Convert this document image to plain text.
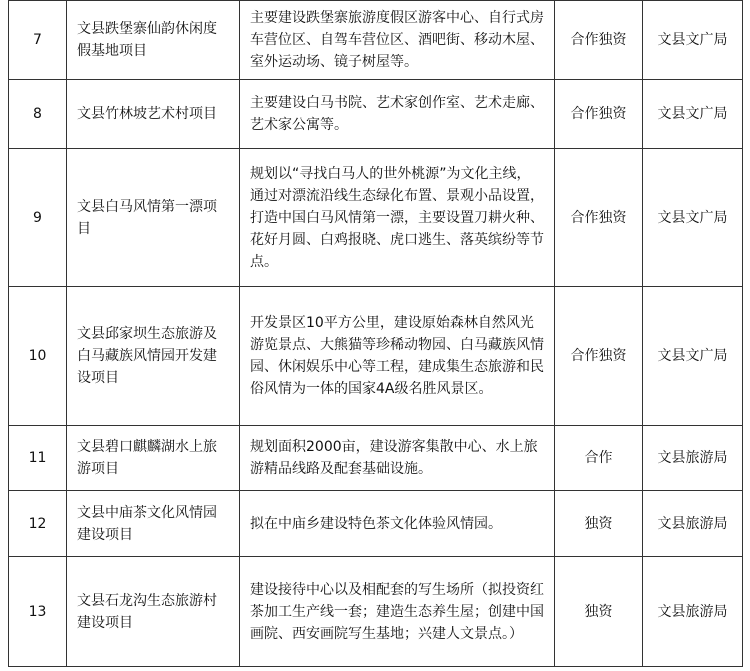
7	文县跌堡寨仙韵休闲度假基地项目	主要建设跌堡寨旅游度假区游客中心、自行式房车营位区、自驾车营位区、酒吧街、移动木屋、室外运动场、镜子树屋等。	合作独资	文县文广局
8	文县竹林坡艺术村项目	主要建设白马书院、艺术家创作室、艺术走廊、艺术家公寓等。	合作独资	文县文广局
9	文县白马风情第一漂项目	规划以“寻找白马人的世外桃源”为文化主线，通过对漂流沿线生态绿化布置、景观小品设置，打造中国白马风情第一漂，主要设置刀耕火种、花好月圆、白鸡报晓、虎口逃生、落英缤纷等节点。	合作独资	文县文广局
10	文县邱家坝生态旅游及白马藏族风情园开发建设项目	开发景区10平方公里，建设原始森林自然风光游览景点、大熊猫等珍稀动物园、白马藏族风情园、休闲娱乐中心等工程，建成集生态旅游和民俗风情为一体的国家4A级名胜风景区。	合作独资	文县文广局
11	文县碧口麒麟湖水上旅游项目	规划面积2000亩，建设游客集散中心、水上旅游精品线路及配套基础设施。	合作	文县旅游局
12	文县中庙茶文化风情园建设项目	拟在中庙乡建设特色茶文化体验风情园。	独资	文县旅游局
13	文县石龙沟生态旅游村建设项目	建设接待中心以及相配套的写生场所（拟投资红茶加工生产线一套；建造生态养生屋；创建中国画院、西安画院写生基地；兴建人文景点。）	独资	文县旅游局
